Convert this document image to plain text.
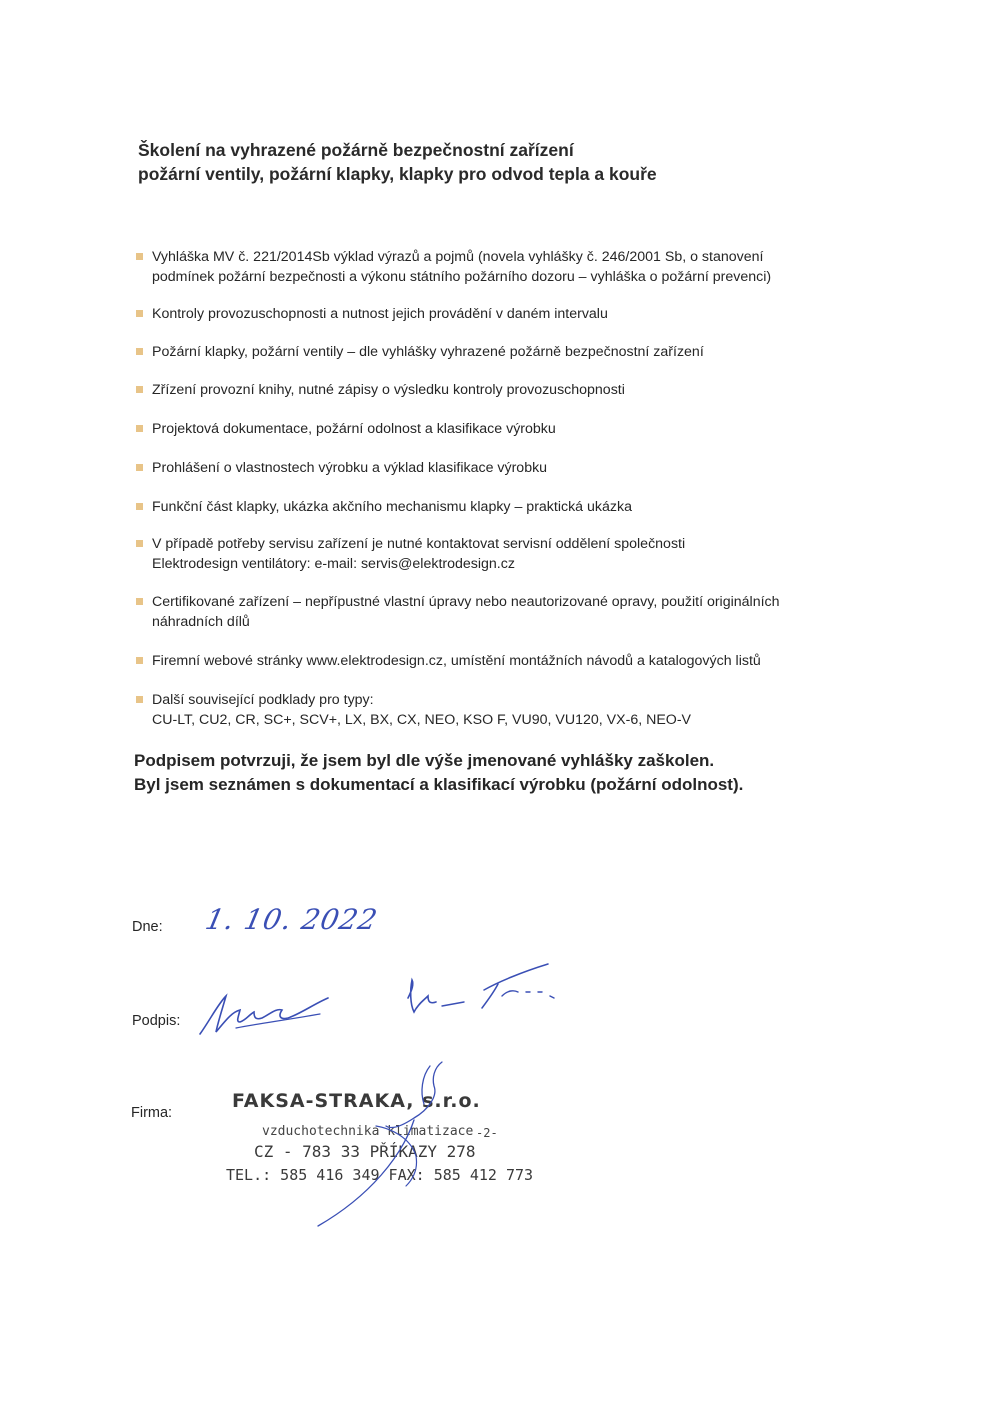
Školení na vyhrazené požárně bezpečnostní zařízení
požární ventily, požární klapky, klapky pro odvod tepla a kouře
Vyhláška MV č. 221/2014Sb výklad výrazů a pojmů (novela vyhlášky č. 246/2001 Sb, o stanovení
podmínek požární bezpečnosti a výkonu státního požárního dozoru – vyhláška o požární prevenci)
Kontroly provozuschopnosti a nutnost jejich provádění v daném intervalu
Požární klapky, požární ventily – dle vyhlášky vyhrazené požárně bezpečnostní zařízení
Zřízení provozní knihy, nutné zápisy o výsledku kontroly provozuschopnosti
Projektová dokumentace, požární odolnost a klasifikace výrobku
Prohlášení o vlastnostech výrobku a výklad klasifikace výrobku
Funkční část klapky, ukázka akčního mechanismu klapky – praktická ukázka
V případě potřeby servisu zařízení je nutné kontaktovat servisní oddělení společnosti
Elektrodesign ventilátory: e-mail: servis@elektrodesign.cz
Certifikované zařízení – nepřípustné vlastní úpravy nebo neautorizované opravy, použití originálních
náhradních dílů
Firemní webové stránky www.elektrodesign.cz, umístění montážních návodů a katalogových listů
Další související podklady pro typy:
CU-LT, CU2, CR, SC+, SCV+, LX, BX, CX, NEO, KSO F, VU90, VU120, VX-6, NEO-V
Podpisem potvrzuji, že jsem byl dle výše jmenované vyhlášky zaškolen.
Byl jsem seznámen s dokumentací a klasifikací výrobku (požární odolnost).
Dne: 1. 10. 2022
Podpis:
Firma:
FAKSA-STRAKA, s.r.o.
vzduchotechnika klimatizace -2-
CZ - 783 33 PŘÍKAZY 278
TEL.: 585 416 349 FAX: 585 412 773
